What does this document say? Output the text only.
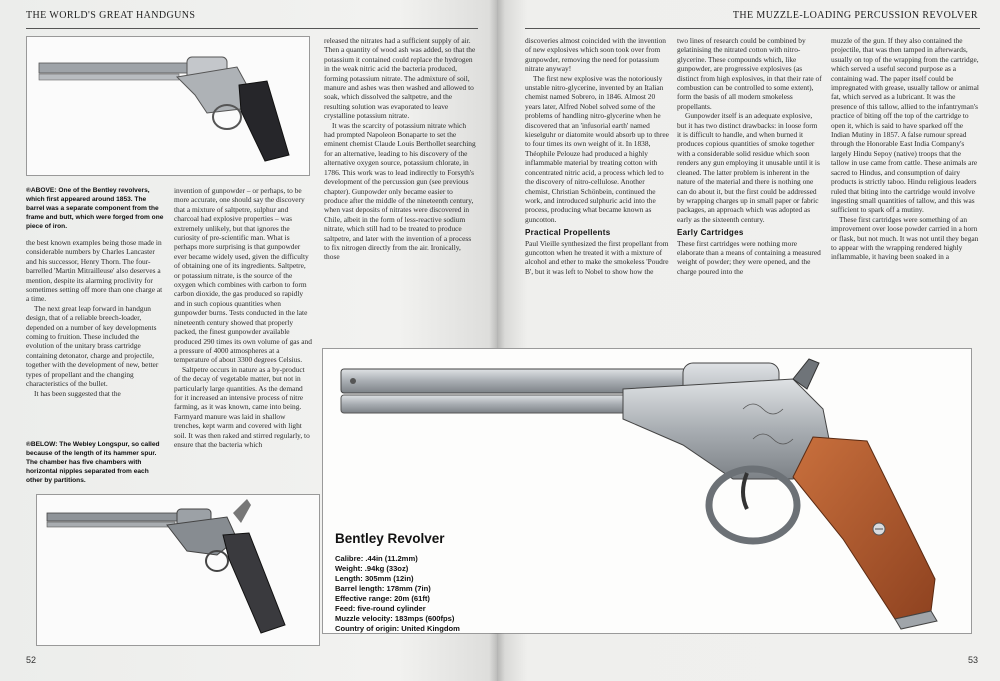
THE WORLD'S GREAT HANDGUNS
®ABOVE: One of the Bentley revolvers, which first appeared around 1853. The barrel was a separate component from the frame and butt, which were forged from one piece of iron.

the best known examples being those made in considerable numbers by Charles Lancaster and his successor, Henry Thorn. The four-barrelled 'Martin Mitrailleuse' also deserves a mention, despite its alarming proclivity for sometimes setting off more than one charge at a time.

The next great leap forward in handgun design, that of a reliable breech-loader, depended on a number of key developments coming to fruition. These included the evolution of the unitary brass cartridge containing detonator, charge and projectile, together with the development of new, better types of propellant and the changing characteristics of the bullet.

It has been suggested that the

®BELOW: The Webley Longspur, so called because of the length of its hammer spur. The chamber has five chambers with horizontal nipples separated from each other by partitions.

invention of gunpowder – or perhaps, to be more accurate, one should say the discovery that a mixture of saltpetre, sulphur and charcoal had explosive properties – was extremely unlikely, but that ignores the curiosity of pre-scientific man. What is perhaps more surprising is that gunpowder ever became widely used, given the difficulty of obtaining one of its ingredients. Saltpetre, or potassium nitrate, is the source of the oxygen which combines with carbon to form carbon dioxide, the gas produced so rapidly and in such copious quantities when gunpowder burns. Tests conducted in the late nineteenth century showed that properly packed, the finest gunpowder available produced 290 times its own volume of gas and a pressure of 4000 atmospheres at a temperature of about 3300 degrees Celsius.

Saltpetre occurs in nature as a by-product of the decay of vegetable matter, but not in particularly large quantities. As the demand for it increased an intensive process of nitre farming, as it was known, came into being. Farmyard manure was laid in shallow trenches, kept warm and covered with light soil. It was then raked and stirred regularly, to ensure that the bacteria which

released the nitrates had a sufficient supply of air. Then a quantity of wood ash was added, so that the potassium it contained could replace the hydrogen in the weak nitric acid the bacteria produced, forming potassium nitrate. The admixture of soil, manure and ashes was then washed and allowed to soak, which dissolved the saltpetre, and the resulting solution was evaporated to leave crystalline potassium nitrate.

It was the scarcity of potassium nitrate which had prompted Napoleon Bonaparte to set the eminent chemist Claude Louis Berthollet searching for an alternative, leading to his discovery of the alternative oxygen source, potassium chlorate, in 1786. This work was to lead indirectly to Forsyth's development of the percussion gun (see previous chapter). Gunpowder only became easier to produce after the middle of the nineteenth century, when vast deposits of nitrates were discovered in Chile, albeit in the form of less-reactive sodium nitrate, which still had to be treated to produce saltpetre, and later with the invention of a process to fix nitrogen directly from the air. Ironically, those

52
THE MUZZLE-LOADING PERCUSSION REVOLVER

discoveries almost coincided with the invention of new explosives which soon took over from gunpowder, removing the need for potassium nitrate anyway!

The first new explosive was the notoriously unstable nitro-glycerine, invented by an Italian chemist named Sobrero, in 1846. Almost 20 years later, Alfred Nobel solved some of the problems of handling nitro-glycerine when he discovered that an 'infusorial earth' named kieselguhr or diatomite would absorb up to three to four times its own weight of it. In 1838, Théophile Pelouze had produced a highly inflammable material by treating cotton with concentrated nitric acid, a process which led to the discovery of nitro-cellulose. Another chemist, Christian Schönbein, continued the work, and introduced sulphuric acid into the process, producing what became known as guncotton.

Practical Propellents

Paul Vieille synthesized the first propellant from guncotton when he treated it with a mixture of alcohol and ether to make the smokeless 'Poudre B', but it was left to Nobel to show how the

two lines of research could be combined by gelatinising the nitrated cotton with nitro-glycerine. These compounds which, like gunpowder, are progressive explosives (as distinct from high explosives, in that their rate of combustion can be controlled to some extent), form the basis of all modern smokeless propellants.

Gunpowder itself is an adequate explosive, but it has two distinct drawbacks: in loose form it is difficult to handle, and when burned it produces copious quantities of smoke together with a considerable solid residue which soon renders any gun employing it unusable until it is cleaned. The latter problem is inherent in the nature of the material and there is nothing one can do about it, but the first could be addressed by wrapping charges up in small paper or fabric packages, an approach which was adopted as early as the sixteenth century.

Early Cartridges

These first cartridges were nothing more elaborate than a means of containing a measured weight of powder; they were opened, and the charge poured into the

muzzle of the gun. If they also contained the projectile, that was then tamped in afterwards, usually on top of the wrapping from the cartridge, which served a useful second purpose as a containing wad. The paper itself could be impregnated with grease, usually tallow or animal fat, which served as a lubricant. It was the presence of this tallow, allied to the infantryman's practice of biting off the top of the cartridge to open it, which is said to have sparked off the Indian Mutiny in 1857. A false rumour spread through the Honorable East India Company's largely Hindu Sepoy (native) troops that the tallow in use came from cattle. These animals are sacred to Hindus, and consumption of dairy products is strictly taboo. Hindu religious leaders ruled that biting into the cartridge would involve ingesting small quantities of tallow, and this was sufficient to spark off a mutiny.

These first cartridges were something of an improvement over loose powder carried in a horn or flask, but not much. It was not until they began to appear with the wrapping rendered highly inflammable, it having been soaked in a

53
Bentley Revolver
Calibre: .44in (11.2mm)
Weight: .94kg (33oz)
Length: 305mm (12in)
Barrel length: 178mm (7in)
Effective range: 20m (61ft)
Feed: five-round cylinder
Muzzle velocity: 183mps (600fps)
Country of origin: United Kingdom
